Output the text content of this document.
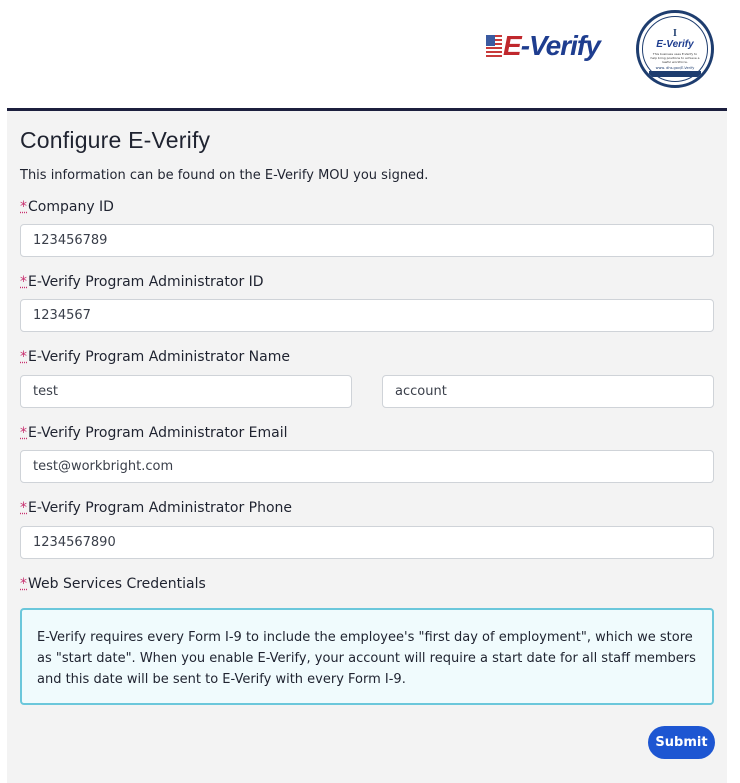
E-Verify	I
E-Verify
This business uses E-Verify to help bring positions to achieve a lawful workforce.
www. dhs.gov/E-Verify
Configure E-Verify
This information can be found on the E-Verify MOU you signed.
*Company ID
123456789
*E-Verify Program Administrator ID
1234567
*E-Verify Program Administrator Name
test	account
*E-Verify Program Administrator Email
test@workbright.com
*E-Verify Program Administrator Phone
1234567890
*Web Services Credentials
E-Verify requires every Form I-9 to include the employee's "first day of employment", which we store as "start date". When you enable E-Verify, your account will require a start date for all staff members and this date will be sent to E-Verify with every Form I-9.
Submit
